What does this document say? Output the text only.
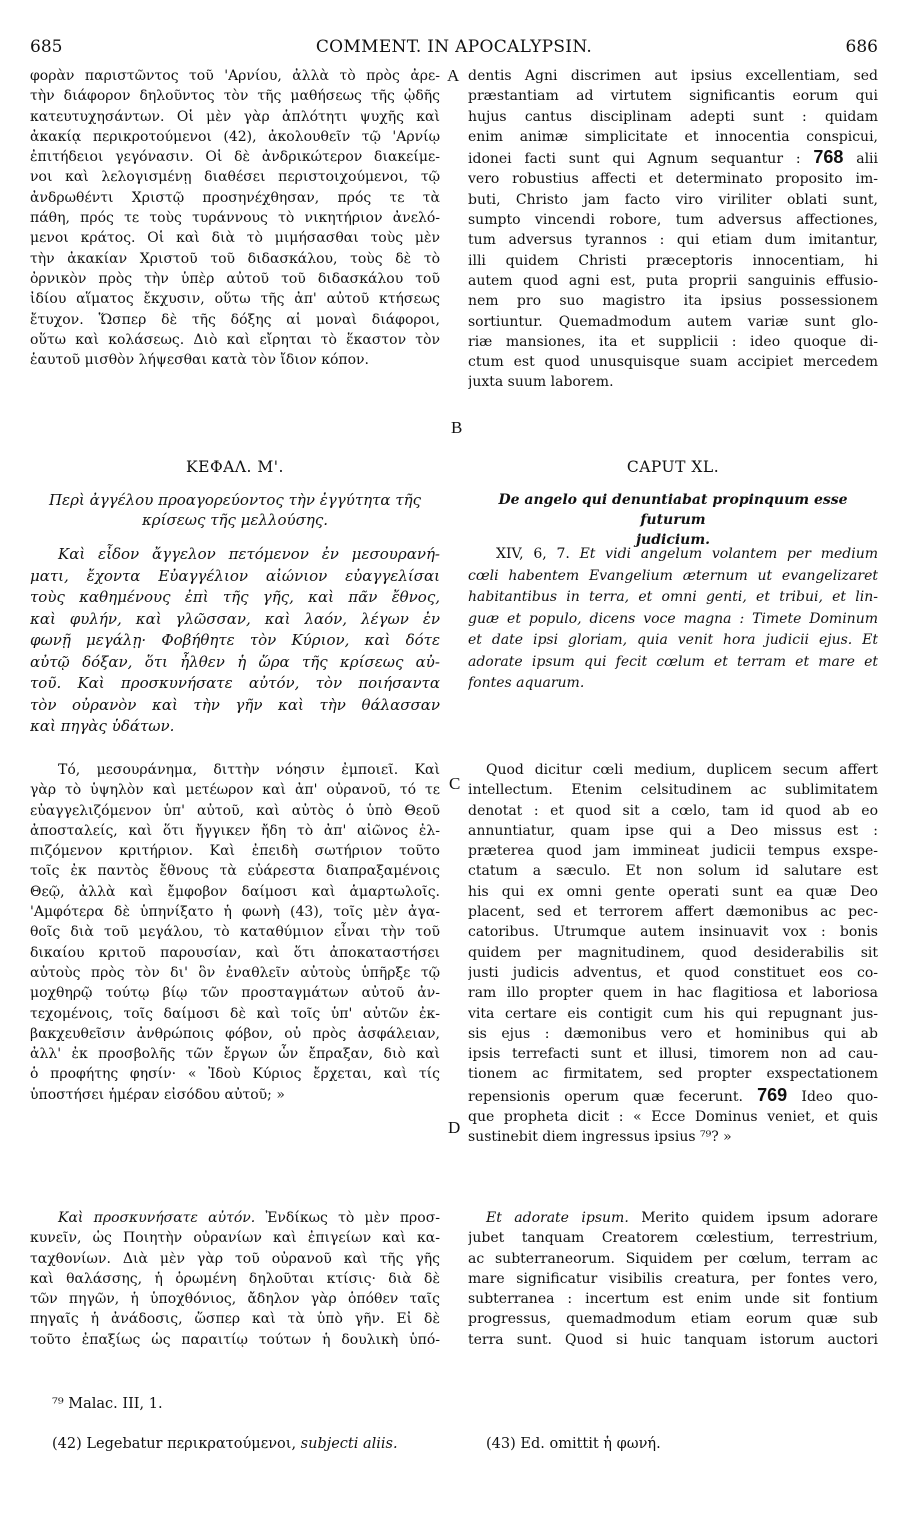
685	COMMENT. IN APOCALYPSIN.	686
A
B
C
D
φορὰν παριστῶντος τοῦ 'Αρνίου, ἀλλὰ τὸ πρὸς ἀρε-
τὴν διάφορον δηλοῦντος τὸν τῆς μαθήσεως τῆς ᾠδῆς
κατευτυχησάντων. Οἱ μὲν γὰρ ἁπλότητι ψυχῆς καὶ
ἀκακίᾳ περικροτούμενοι (42), ἀκολουθεῖν τῷ 'Αρνίῳ
ἐπιτήδειοι γεγόνασιν. Οἱ δὲ ἀνδρικώτερον διακείμε-
νοι καὶ λελογισμένῃ διαθέσει περιστοιχούμενοι, τῷ
ἀνδρωθέντι Χριστῷ προσηνέχθησαν, πρός τε τὰ
πάθη, πρός τε τοὺς τυράννους τὸ νικητήριον ἀνελό-
μενοι κράτος. Οἱ καὶ διὰ τὸ μιμήσασθαι τοὺς μὲν
τὴν ἀκακίαν Χριστοῦ τοῦ διδασκάλου, τοὺς δὲ τὸ
ὀρνικὸν πρὸς τὴν ὑπὲρ αὐτοῦ τοῦ διδασκάλου τοῦ
ἰδίου αἵματος ἔκχυσιν, οὕτω τῆς ἀπ' αὐτοῦ κτήσεως
ἔτυχον. Ὥσπερ δὲ τῆς δόξης αἱ μοναὶ διάφοροι,
οὕτω καὶ κολάσεως. Διὸ καὶ εἴρηται τὸ ἕκαστον τὸν
ἑαυτοῦ μισθὸν λήψεσθαι κατὰ τὸν ἴδιον κόπον.
ΚΕΦΑΛ. Μ'.
Περὶ ἀγγέλου προαγορεύοντος τὴν ἐγγύτητα τῆς
κρίσεως τῆς μελλούσης.
Καὶ εἶδον ἄγγελον πετόμενον ἐν μεσουρανή-
ματι, ἔχοντα Εὐαγγέλιον αἰώνιον εὐαγγελίσαι
τοὺς καθημένους ἐπὶ τῆς γῆς, καὶ πᾶν ἔθνος,
καὶ φυλήν, καὶ γλῶσσαν, καὶ λαόν, λέγων ἐν
φωνῇ μεγάλῃ· Φοβήθητε τὸν Κύριον, καὶ δότε
αὐτῷ δόξαν, ὅτι ἦλθεν ἡ ὥρα τῆς κρίσεως αὐ-
τοῦ. Καὶ προσκυνήσατε αὐτόν, τὸν ποιήσαντα
τὸν οὐρανὸν καὶ τὴν γῆν καὶ τὴν θάλασσαν
καὶ πηγὰς ὑδάτων.
Τό, μεσουράνημα, διττὴν νόησιν ἐμποιεῖ. Καὶ
γὰρ τὸ ὑψηλὸν καὶ μετέωρον καὶ ἀπ' οὐρανοῦ, τό τε
εὐαγγελιζόμενον ὑπ' αὐτοῦ, καὶ αὐτὸς ὁ ὑπὸ Θεοῦ
ἀποσταλείς, καὶ ὅτι ἤγγικεν ἤδη τὸ ἀπ' αἰῶνος ἐλ-
πιζόμενον κριτήριον. Καὶ ἐπειδὴ σωτήριον τοῦτο
τοῖς ἐκ παντὸς ἔθνους τὰ εὐάρεστα διαπραξαμένοις
Θεῷ, ἀλλὰ καὶ ἔμφοβον δαίμοσι καὶ ἁμαρτωλοῖς.
'Αμφότερα δὲ ὑπηνίξατο ἡ φωνὴ (43), τοῖς μὲν ἀγα-
θοῖς διὰ τοῦ μεγάλου, τὸ καταθύμιον εἶναι τὴν τοῦ
δικαίου κριτοῦ παρουσίαν, καὶ ὅτι ἀποκαταστήσει
αὐτοὺς πρὸς τὸν δι' ὃν ἐναθλεῖν αὐτοὺς ὑπῆρξε τῷ
μοχθηρῷ τούτῳ βίῳ τῶν προσταγμάτων αὐτοῦ ἀν-
τεχομένοις, τοῖς δαίμοσι δὲ καὶ τοῖς ὑπ' αὐτῶν ἐκ-
βακχευθεῖσιν ἀνθρώποις φόβον, οὐ πρὸς ἀσφάλειαν,
ἀλλ' ἐκ προσβολῆς τῶν ἔργων ὧν ἔπραξαν, διὸ καὶ
ὁ προφήτης φησίν· « Ἰδοὺ Κύριος ἔρχεται, καὶ τίς
ὑποστήσει ἡμέραν εἰσόδου αὐτοῦ; »
Καὶ προσκυνήσατε αὐτόν. Ἐνδίκως τὸ μὲν προσ-
κυνεῖν, ὡς Ποιητὴν οὐρανίων καὶ ἐπιγείων καὶ κα-
ταχθονίων. Διὰ μὲν γὰρ τοῦ οὐρανοῦ καὶ τῆς γῆς
καὶ θαλάσσης, ἡ ὁρωμένη δηλοῦται κτίσις· διὰ δὲ
τῶν πηγῶν, ἡ ὑποχθόνιος, ἄδηλον γὰρ ὁπόθεν ταῖς
πηγαῖς ἡ ἀνάδοσις, ὥσπερ καὶ τὰ ὑπὸ γῆν. Εἰ δὲ
τοῦτο ἐπαξίως ὡς παραιτίῳ τούτων ἡ δουλικὴ ὑπό-
dentis Agni discrimen aut ipsius excellentiam, sed
præstantiam ad virtutem significantis eorum qui
hujus cantus disciplinam adepti sunt : quidam
enim animæ simplicitate et innocentia conspicui,
idonei facti sunt qui Agnum sequantur : 768 alii
vero robustius affecti et determinato proposito im-
buti, Christo jam facto viro viriliter oblati sunt,
sumpto vincendi robore, tum adversus affectiones,
tum adversus tyrannos : qui etiam dum imitantur,
illi quidem Christi præceptoris innocentiam, hi
autem quod agni est, puta proprii sanguinis effusio-
nem pro suo magistro ita ipsius possessionem
sortiuntur. Quemadmodum autem variæ sunt glo-
riæ mansiones, ita et supplicii : ideo quoque di-
ctum est quod unusquisque suam accipiet mercedem
juxta suum laborem.
CAPUT XL.
De angelo qui denuntiabat propinquum esse futurum
judicium.
XIV, 6, 7. Et vidi angelum volantem per medium
cœli habentem Evangelium æternum ut evangelizaret
habitantibus in terra, et omni genti, et tribui, et lin-
guæ et populo, dicens voce magna : Timete Dominum
et date ipsi gloriam, quia venit hora judicii ejus. Et
adorate ipsum qui fecit cœlum et terram et mare et
fontes aquarum.
Quod dicitur cœli medium, duplicem secum affert
intellectum. Etenim celsitudinem ac sublimitatem
denotat : et quod sit a cœlo, tam id quod ab eo
annuntiatur, quam ipse qui a Deo missus est :
præterea quod jam immineat judicii tempus exspe-
ctatum a sæculo. Et non solum id salutare est
his qui ex omni gente operati sunt ea quæ Deo
placent, sed et terrorem affert dæmonibus ac pec-
catoribus. Utrumque autem insinuavit vox : bonis
quidem per magnitudinem, quod desiderabilis sit
justi judicis adventus, et quod constituet eos co-
ram illo propter quem in hac flagitiosa et laboriosa
vita certare eis contigit cum his qui repugnant jus-
sis ejus : dæmonibus vero et hominibus qui ab
ipsis terrefacti sunt et illusi, timorem non ad cau-
tionem ac firmitatem, sed propter exspectationem
repensionis operum quæ fecerunt. 769 Ideo quo-
que propheta dicit : « Ecce Dominus veniet, et quis
sustinebit diem ingressus ipsius ⁷⁹? »
Et adorate ipsum. Merito quidem ipsum adorare
jubet tanquam Creatorem cœlestium, terrestrium,
ac subterraneorum. Siquidem per cœlum, terram ac
mare significatur visibilis creatura, per fontes vero,
subterranea : incertum est enim unde sit fontium
progressus, quemadmodum etiam eorum quæ sub
terra sunt. Quod si huic tanquam istorum auctori
⁷⁹ Malac. III, 1.
(42) Legebatur περικρατούμενοι, subjecti aliis.	(43) Ed. omittit ἡ φωνή.
